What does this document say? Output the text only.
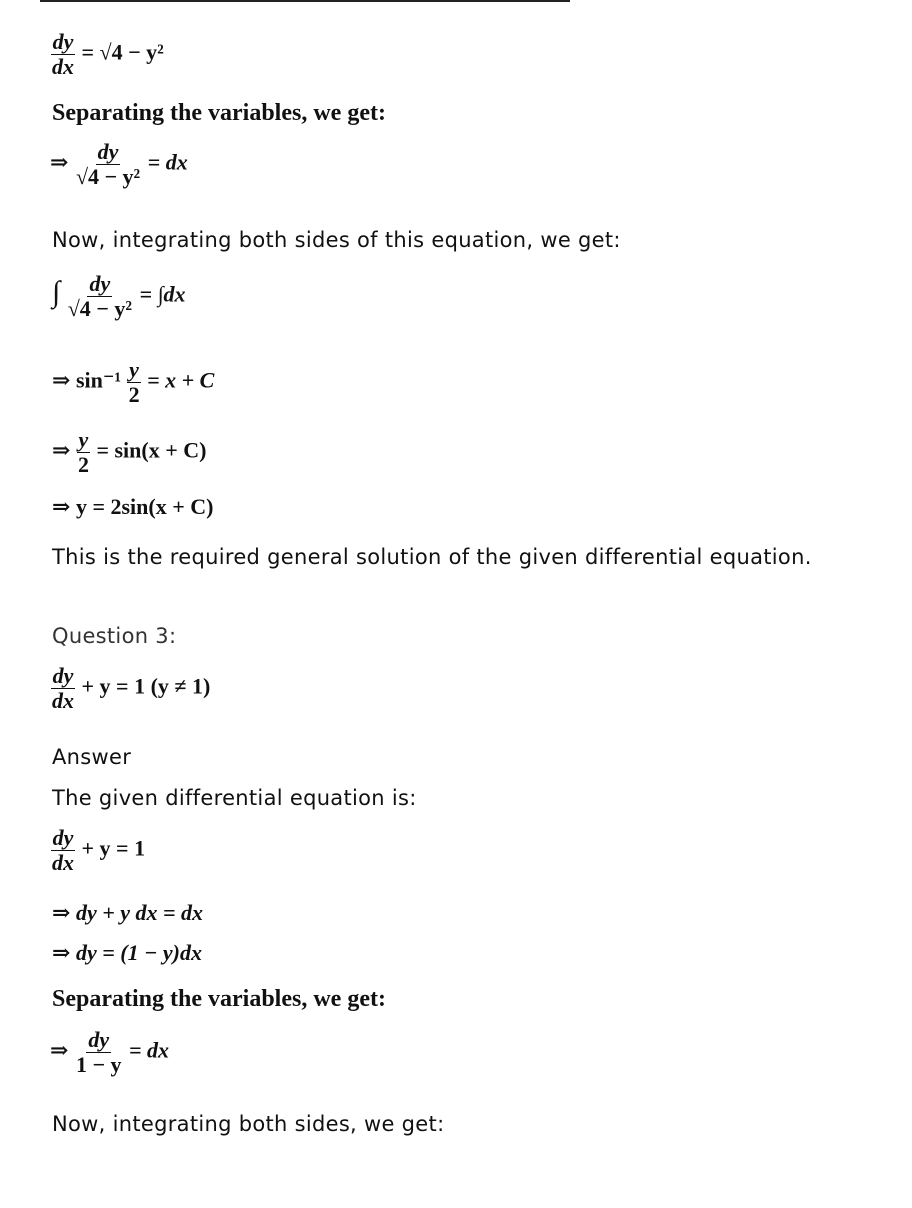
$\frac{dy}{dx} = √4 - y^2$
Separating the variables, we get:
⇒ $\frac{dy}{\text{√4 − y²}}$ = dx
Now, integrating both sides of this equation, we get:
∫ $\frac{dy}{\text{√4 − y²}} = \int dx$
⇒ $\sin^{-1} \frac{y}{2} = x + C$
⇒ $\frac{y}{2} = \sin(x + C)$
⇒ y = 2sin(x + C)
This is the required general solution of the given differential equation.
Question 3:
$\frac{dy}{dx} + y = 1$ (y ≠ 1)
Answer
The given differential equation is:
$\frac{dy}{dx} + y = 1$
⇒ dy + y dx = dx
⇒ dy = (1 − y)dx
Separating the variables, we get:
⇒ $\frac{dy}{1 - y}$ = dx
Now, integrating both sides, we get:
